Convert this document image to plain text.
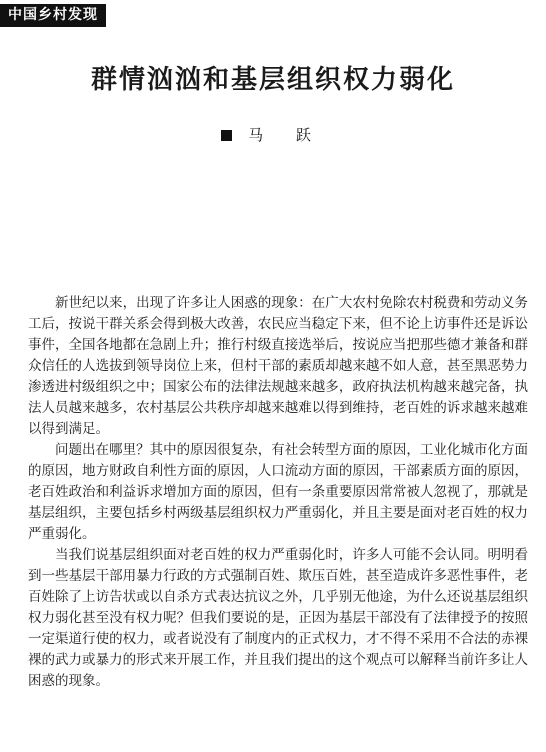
中国乡村发现
群情汹汹和基层组织权力弱化
马 跃

新世纪以来，出现了许多让人困惑的现象：在广大农村免除农村税费和劳动义务工后，按说干群关系会得到极大改善，农民应当稳定下来，但不论上访事件还是诉讼事件，全国各地都在急剧上升；推行村级直接选举后，按说应当把那些德才兼备和群众信任的人选拔到领导岗位上来，但村干部的素质却越来越不如人意，甚至黑恶势力渗透进村级组织之中；国家公布的法律法规越来越多，政府执法机构越来越完备，执法人员越来越多，农村基层公共秩序却越来越难以得到维持，老百姓的诉求越来越难以得到满足。

问题出在哪里？其中的原因很复杂，有社会转型方面的原因，工业化城市化方面的原因，地方财政自利性方面的原因，人口流动方面的原因，干部素质方面的原因，老百姓政治和利益诉求增加方面的原因，但有一条重要原因常常被人忽视了，那就是基层组织，主要包括乡村两级基层组织权力严重弱化，并且主要是面对老百姓的权力严重弱化。

当我们说基层组织面对老百姓的权力严重弱化时，许多人可能不会认同。明明看到一些基层干部用暴力行政的方式强制百姓、欺压百姓，甚至造成许多恶性事件，老百姓除了上访告状或以自杀方式表达抗议之外，几乎别无他途，为什么还说基层组织权力弱化甚至没有权力呢？但我们要说的是，正因为基层干部没有了法律授予的按照一定渠道行使的权力，或者说没有了制度内的正式权力，才不得不采用不合法的赤裸裸的武力或暴力的形式来开展工作，并且我们提出的这个观点可以解释当前许多让人困惑的现象。
